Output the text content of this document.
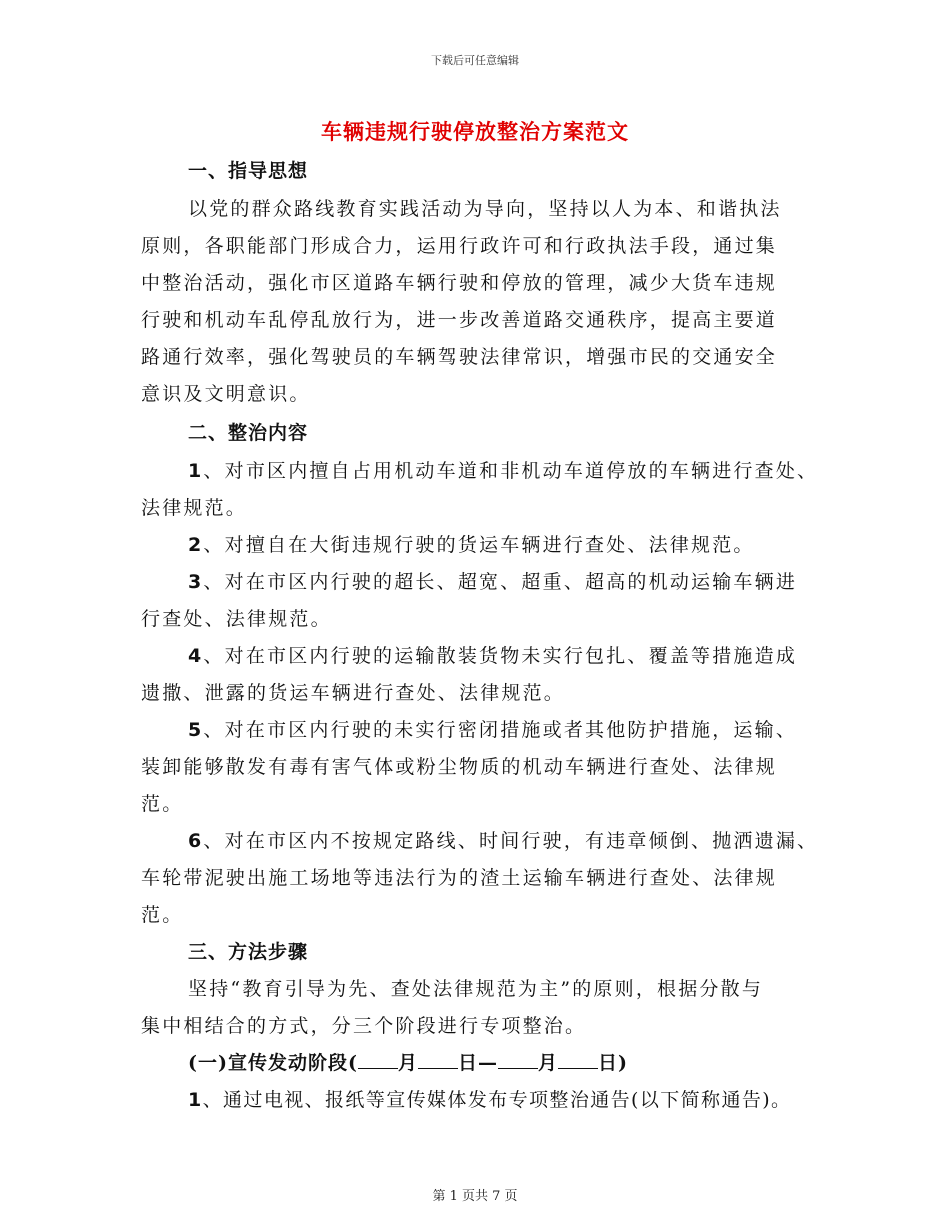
下载后可任意编辑
车辆违规行驶停放整治方案范文
一、指导思想
以党的群众路线教育实践活动为导向，坚持以人为本、和谐执法
原则，各职能部门形成合力，运用行政许可和行政执法手段，通过集
中整治活动，强化市区道路车辆行驶和停放的管理，减少大货车违规
行驶和机动车乱停乱放行为，进一步改善道路交通秩序，提高主要道
路通行效率，强化驾驶员的车辆驾驶法律常识，增强市民的交通安全
意识及文明意识。
二、整治内容
1、对市区内擅自占用机动车道和非机动车道停放的车辆进行查处、
法律规范。
2、对擅自在大街违规行驶的货运车辆进行查处、法律规范。
3、对在市区内行驶的超长、超宽、超重、超高的机动运输车辆进
行查处、法律规范。
4、对在市区内行驶的运输散装货物未实行包扎、覆盖等措施造成
遗撒、泄露的货运车辆进行查处、法律规范。
5、对在市区内行驶的未实行密闭措施或者其他防护措施，运输、
装卸能够散发有毒有害气体或粉尘物质的机动车辆进行查处、法律规
范。
6、对在市区内不按规定路线、时间行驶，有违章倾倒、抛洒遗漏、
车轮带泥驶出施工场地等违法行为的渣土运输车辆进行查处、法律规
范。
三、方法步骤
坚持“教育引导为先、查处法律规范为主”的原则，根据分散与
集中相结合的方式，分三个阶段进行专项整治。
(一)宣传发动阶段( 月 日— 月 日)
1、通过电视、报纸等宣传媒体发布专项整治通告(以下简称通告)。
第 1 页共 7 页
